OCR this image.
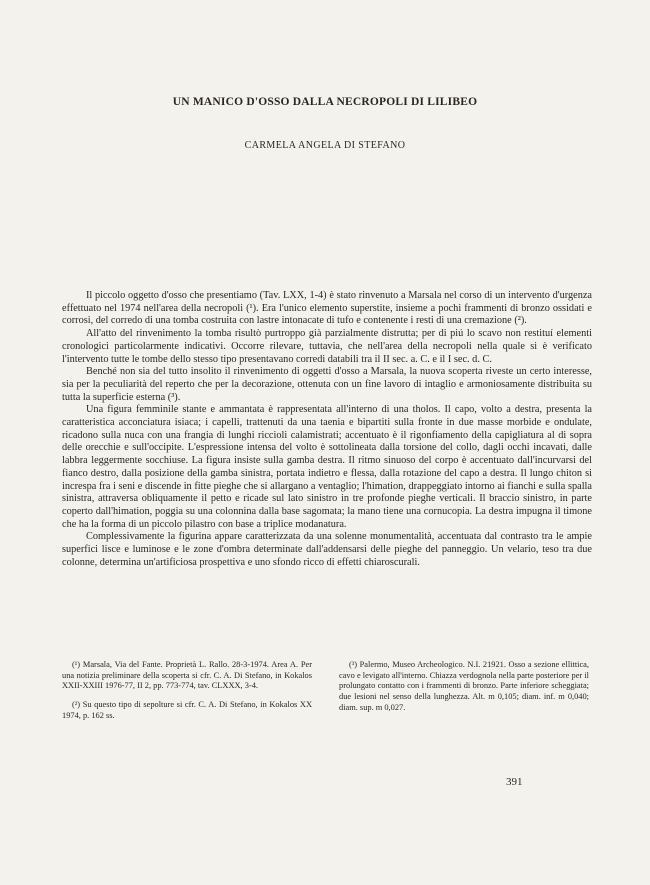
UN MANICO D'OSSO DALLA NECROPOLI DI LILIBEO
CARMELA ANGELA DI STEFANO

Il piccolo oggetto d'osso che presentiamo (Tav. LXX, 1-4) è stato rinvenuto a Marsala nel corso di un intervento d'urgenza effettuato nel 1974 nell'area della necropoli (¹). Era l'unico elemento superstite, insieme a pochi frammenti di bronzo ossidati e corrosi, del corredo di una tomba costruita con lastre intonacate di tufo e contenente i resti di una cremazione (²).

All'atto del rinvenimento la tomba risultò purtroppo già parzialmente distrutta; per di piú lo scavo non restituí elementi cronologici particolarmente indicativi. Occorre rilevare, tuttavia, che nell'area della necropoli nella quale si è verificato l'intervento tutte le tombe dello stesso tipo presentavano corredi databili tra il II sec. a. C. e il I sec. d. C.

Benché non sia del tutto insolito il rinvenimento di oggetti d'osso a Marsala, la nuova scoperta riveste un certo interesse, sia per la peculiarità del reperto che per la decorazione, ottenuta con un fine lavoro di intaglio e armoniosamente distribuita su tutta la superficie esterna (³).

Una figura femminile stante e ammantata è rappresentata all'interno di una tholos. Il capo, volto a destra, presenta la caratteristica acconciatura isiaca; i capelli, trattenuti da una taenia e bipartiti sulla fronte in due masse morbide e ondulate, ricadono sulla nuca con una frangia di lunghi riccioli calamistrati; accentuato è il rigonfiamento della capigliatura al di sopra delle orecchie e sull'occipite. L'espressione intensa del volto è sottolineata dalla torsione del collo, dagli occhi incavati, dalle labbra leggermente socchiuse. La figura insiste sulla gamba destra. Il ritmo sinuoso del corpo è accentuato dall'incurvarsi del fianco destro, dalla posizione della gamba sinistra, portata indietro e flessa, dalla rotazione del capo a destra. Il lungo chiton si increspa fra i seni e discende in fitte pieghe che si allargano a ventaglio; l'himation, drappeggiato intorno ai fianchi e sulla spalla sinistra, attraversa obliquamente il petto e ricade sul lato sinistro in tre profonde pieghe verticali. Il braccio sinistro, in parte coperto dall'himation, poggia su una colonnina dalla base sagomata; la mano tiene una cornucopia. La destra impugna il timone che ha la forma di un piccolo pilastro con base a triplice modanatura.

Complessivamente la figurina appare caratterizzata da una solenne monumentalità, accentuata dal contrasto tra le ampie superfici lisce e luminose e le zone d'ombra determinate dall'addensarsi delle pieghe del panneggio. Un velario, teso tra due colonne, determina un'artificiosa prospettiva e uno sfondo ricco di effetti chiaroscurali.

(¹) Marsala, Via del Fante. Proprietà L. Rallo. 28-3-1974. Area A. Per una notizia preliminare della scoperta si cfr. C. A. Di Stefano, in Kokalos XXII-XXIII 1976-77, II 2, pp. 773-774, tav. CLXXX, 3-4.

(²) Su questo tipo di sepolture si cfr. C. A. Di Stefano, in Kokalos XX 1974, p. 162 ss.

(³) Palermo, Museo Archeologico. N.I. 21921. Osso a sezione ellittica, cavo e levigato all'interno. Chiazza verdognola nella parte posteriore per il prolungato contatto con i frammenti di bronzo. Parte inferiore scheggiata; due lesioni nel senso della lunghezza. Alt. m 0,105; diam. inf. m 0,040; diam. sup. m 0,027.

391
